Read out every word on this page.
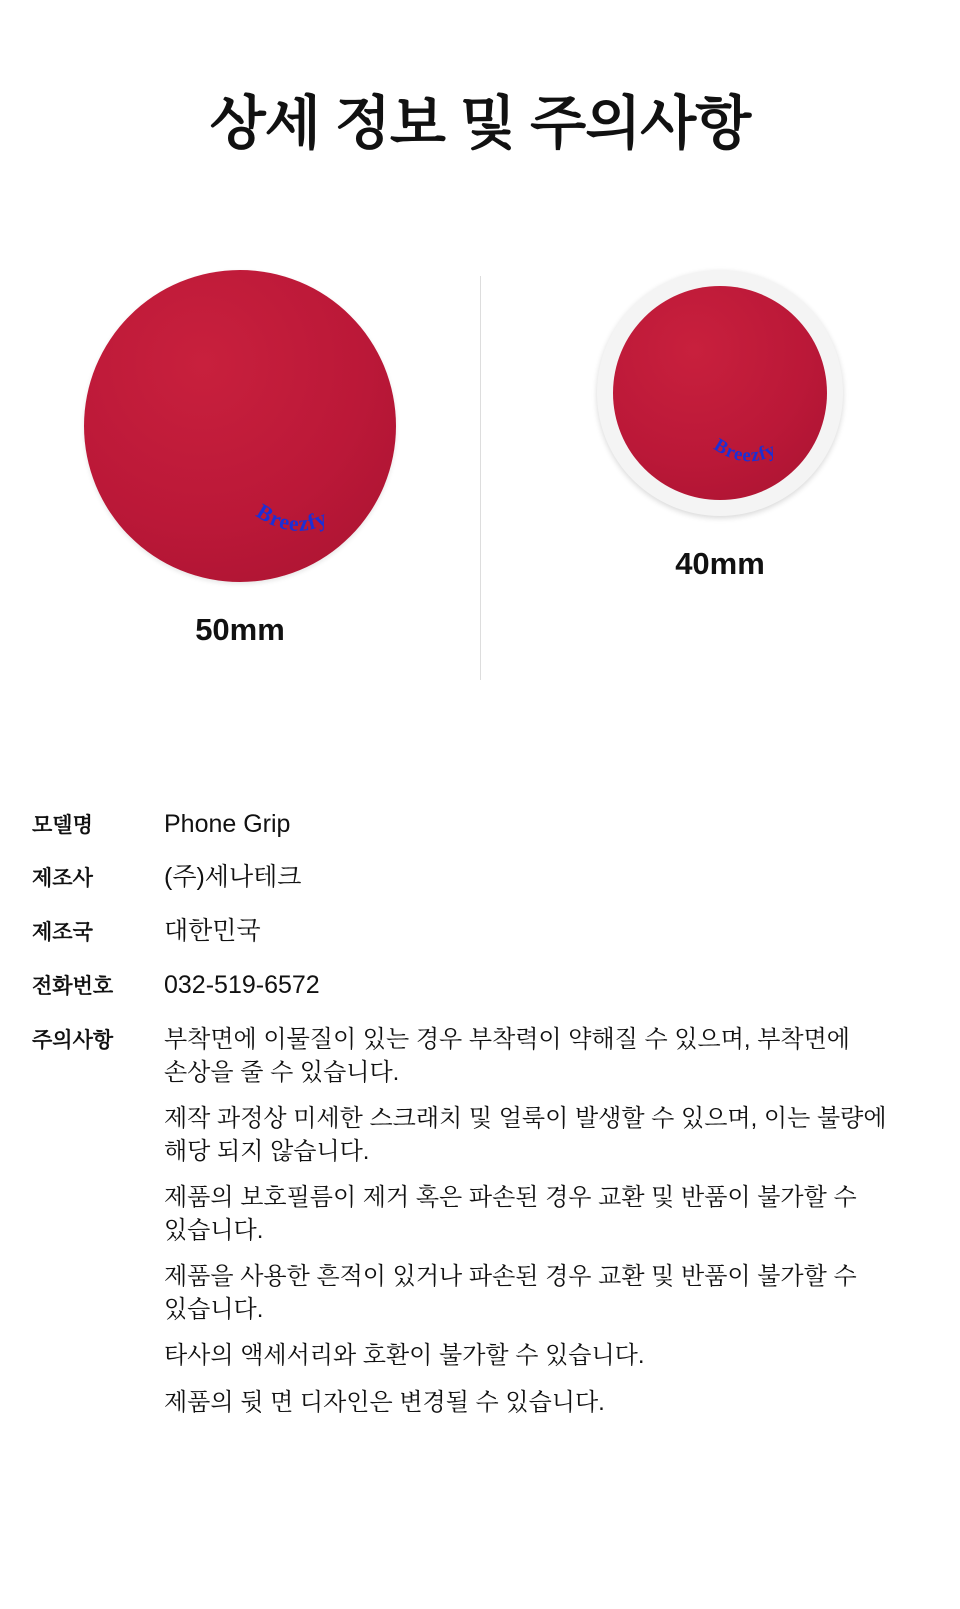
상세 정보 및 주의사항
Breezfy
50mm
Breezfy
40mm
모델명	Phone Grip
제조사	(주)세나테크
제조국	대한민국
전화번호	032-519-6572
주의사항	부착면에 이물질이 있는 경우 부착력이 약해질 수 있으며, 부착면에 손상을 줄 수 있습니다.
제작 과정상 미세한 스크래치 및 얼룩이 발생할 수 있으며, 이는 불량에 해당 되지 않습니다.
제품의 보호필름이 제거 혹은 파손된 경우 교환 및 반품이 불가할 수 있습니다.
제품을 사용한 흔적이 있거나 파손된 경우 교환 및 반품이 불가할 수 있습니다.
타사의 액세서리와 호환이 불가할 수 있습니다.
제품의 뒷 면 디자인은 변경될 수 있습니다.
